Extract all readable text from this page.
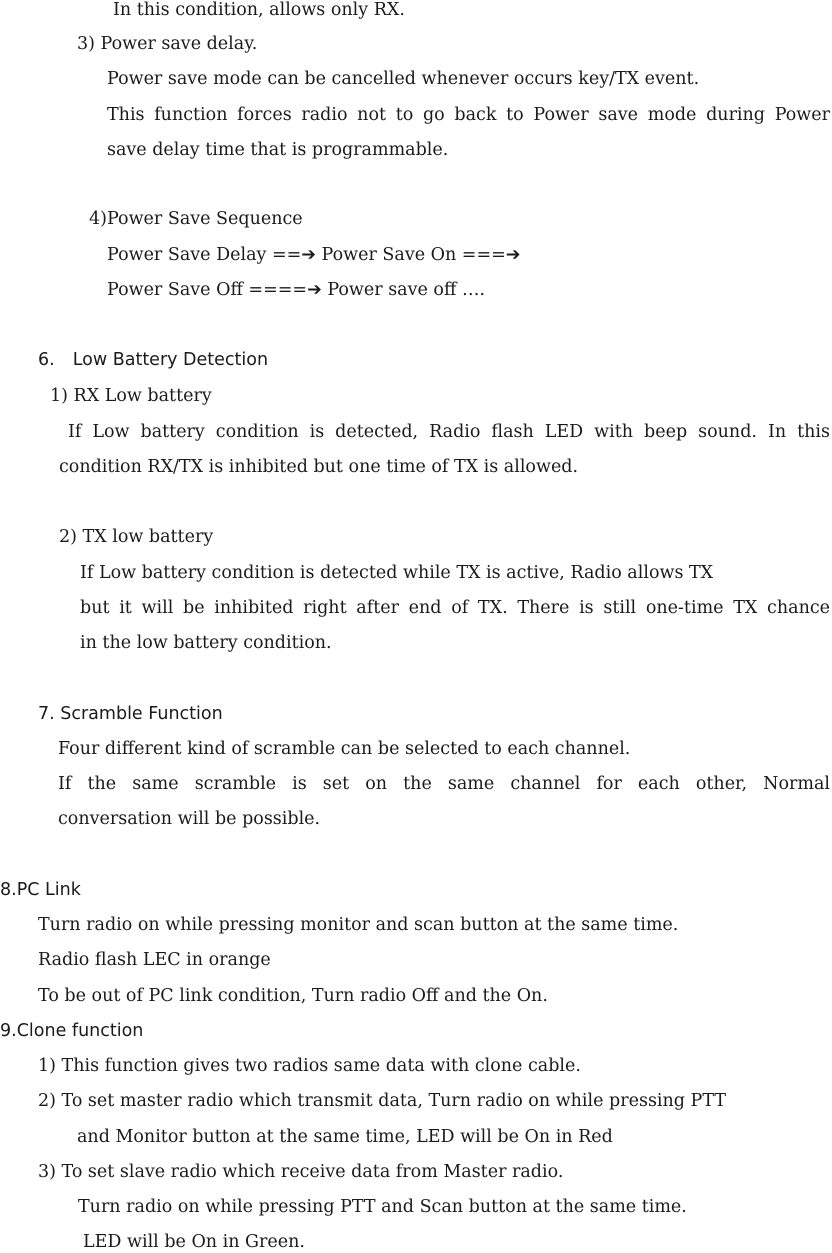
In this condition, allows only RX.
3) Power save delay.
Power save mode can be cancelled whenever occurs key/TX event.
This function forces radio not to go back to Power save mode during Power
save delay time that is programmable.
4)Power Save Sequence
Power Save Delay ==➔ Power Save On ===➔
Power Save Off ====➔ Power save off ….
6. Low Battery Detection
1) RX Low battery
If Low battery condition is detected, Radio flash LED with beep sound. In this
condition RX/TX is inhibited but one time of TX is allowed.
2) TX low battery
If Low battery condition is detected while TX is active, Radio allows TX
but it will be inhibited right after end of TX. There is still one-time TX chance
in the low battery condition.
7. Scramble Function
Four different kind of scramble can be selected to each channel.
If the same scramble is set on the same channel for each other, Normal
conversation will be possible.
8.PC Link
Turn radio on while pressing monitor and scan button at the same time.
Radio flash LEC in orange
To be out of PC link condition, Turn radio Off and the On.
9.Clone function
1) This function gives two radios same data with clone cable.
2) To set master radio which transmit data, Turn radio on while pressing PTT
and Monitor button at the same time, LED will be On in Red
3) To set slave radio which receive data from Master radio.
Turn radio on while pressing PTT and Scan button at the same time.
LED will be On in Green.
